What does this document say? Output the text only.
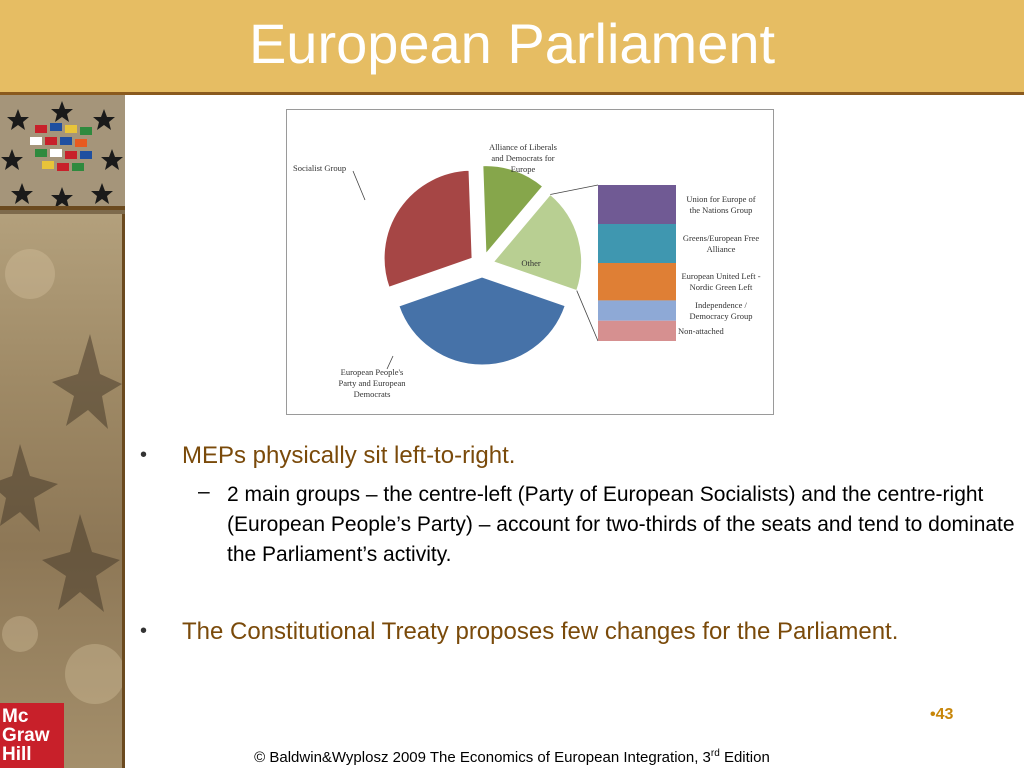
European Parliament
Mc
Graw
Hill
Alliance of Liberals and Democrats for Europe
Socialist Group
Other
European People's Party and European Democrats
Union for Europe of the Nations Group
Greens/European Free Alliance
European United Left -Nordic Green Left
Independence / Democracy Group
Non-attached
• MEPs physically sit left-to-right.
– 2 main groups – the centre-left (Party of European Socialists) and the centre-right (European People’s Party) – account for two-thirds of the seats and tend to dominate the Parliament’s activity.
• The Constitutional Treaty proposes few changes for the Parliament.
•43
© Baldwin&Wyplosz 2009 The Economics of European Integration, 3rd Edition
